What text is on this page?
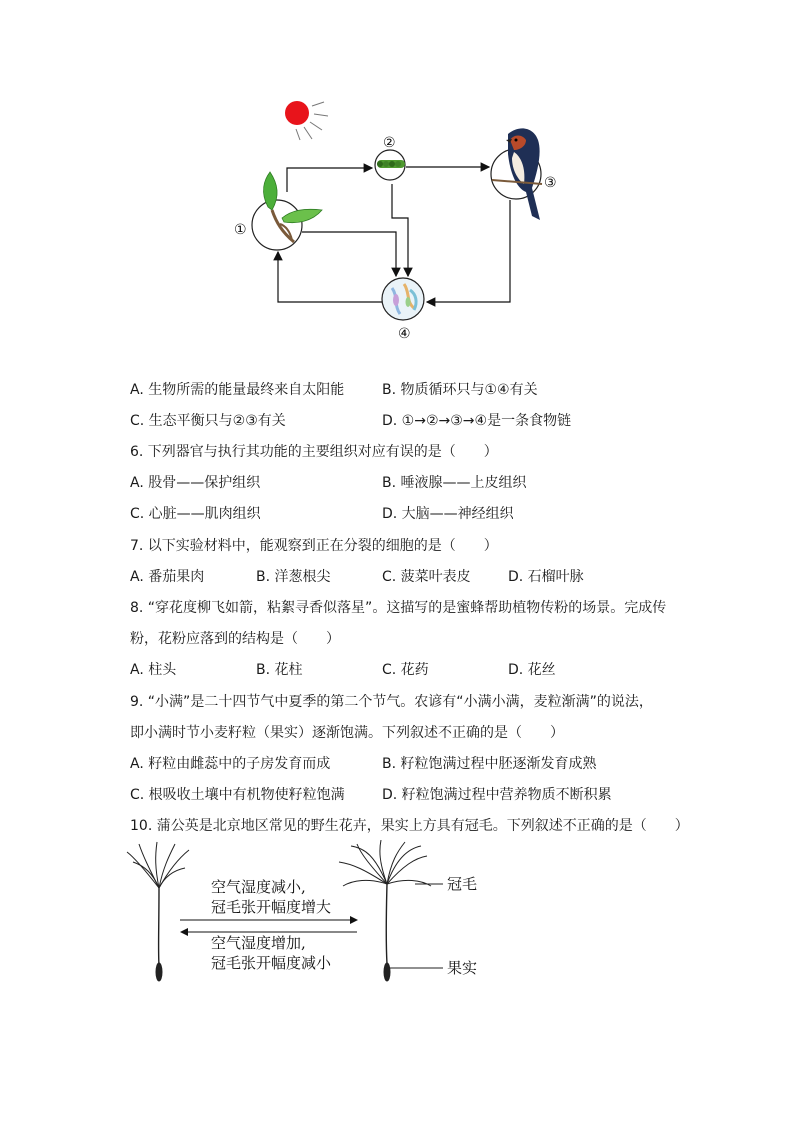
①
②
③
④
A. 生物所需的能量最终来自太阳能	B. 物质循环只与①④有关
C. 生态平衡只与②③有关	D. ①→②→③→④是一条食物链
6. 下列器官与执行其功能的主要组织对应有误的是（　　）
A. 股骨——保护组织	B. 唾液腺——上皮组织
C. 心脏——肌肉组织	D. 大脑——神经组织
7. 以下实验材料中，能观察到正在分裂的细胞的是（　　）
A. 番茄果肉	B. 洋葱根尖	C. 菠菜叶表皮	D. 石榴叶脉
8. “穿花度柳飞如箭，粘絮寻香似落星”。这描写的是蜜蜂帮助植物传粉的场景。完成传
粉，花粉应落到的结构是（　　）
A. 柱头	B. 花柱	C. 花药	D. 花丝
9. “小满”是二十四节气中夏季的第二个节气。农谚有“小满小满，麦粒渐满”的说法，
即小满时节小麦籽粒（果实）逐渐饱满。下列叙述不正确的是（　　）
A. 籽粒由雌蕊中的子房发育而成	B. 籽粒饱满过程中胚逐渐发育成熟
C. 根吸收土壤中有机物使籽粒饱满	D. 籽粒饱满过程中营养物质不断积累
10. 蒲公英是北京地区常见的野生花卉，果实上方具有冠毛。下列叙述不正确的是（　　）
空气湿度减小,
冠毛张开幅度增大
空气湿度增加,
冠毛张开幅度减小
冠毛
果实
